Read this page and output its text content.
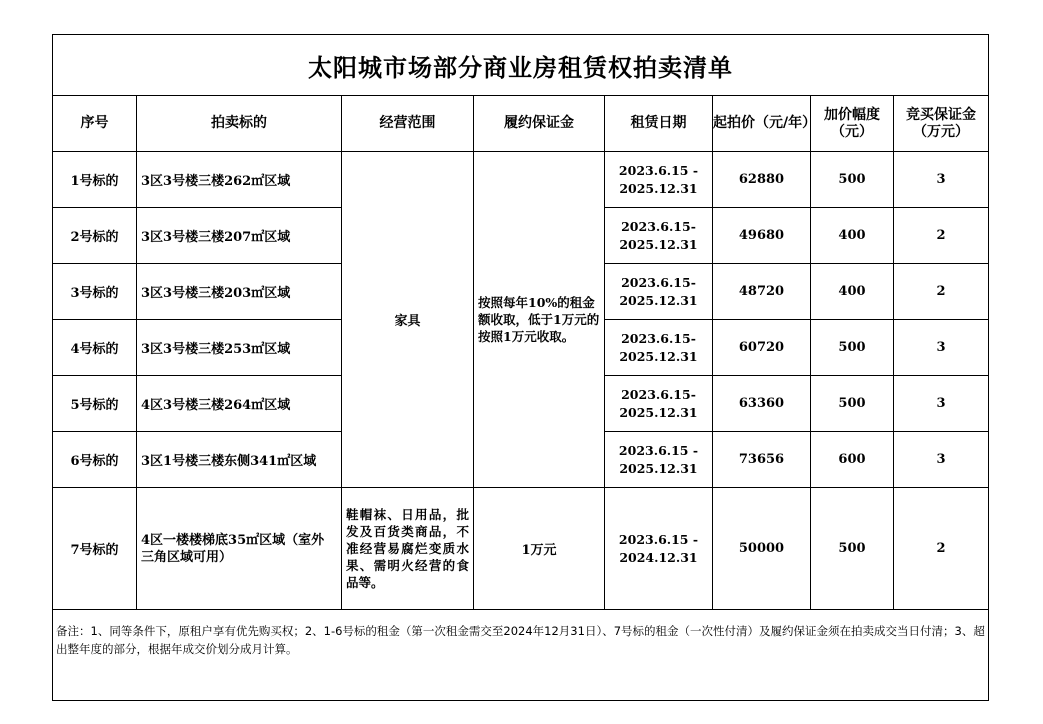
太阳城市场部分商业房租赁权拍卖清单							
序号	拍卖标的	经营范围	履约保证金	租赁日期	起拍价（元/年）	加价幅度（元）	竞买保证金（万元）
1号标的	3区3号楼三楼262㎡区域	家具	按照每年10%的租金额收取，低于1万元的按照1万元收取。	2023.6.15 - 2025.12.31	62880	500	3
2号标的	3区3号楼三楼207㎡区域			2023.6.15- 2025.12.31	49680	400	2
3号标的	3区3号楼三楼203㎡区域			2023.6.15- 2025.12.31	48720	400	2
4号标的	3区3号楼三楼253㎡区域			2023.6.15- 2025.12.31	60720	500	3
5号标的	4区3号楼三楼264㎡区域			2023.6.15- 2025.12.31	63360	500	3
6号标的	3区1号楼三楼东侧341㎡区域			2023.6.15 - 2025.12.31	73656	600	3
7号标的	4区一楼楼梯底35㎡区域（室外三角区域可用）	鞋帽袜、日用品，批发及百货类商品，不准经营易腐烂变质水果、需明火经营的食品等。	1万元	2023.6.15 - 2024.12.31	50000	500	2
备注：1、同等条件下，原租户享有优先购买权；2、1-6号标的租金（第一次租金需交至2024年12月31日）、7号标的租金（一次性付清）及履约保证金须在拍卖成交当日付清；3、超出整年度的部分，根据年成交价划分成月计算。							
